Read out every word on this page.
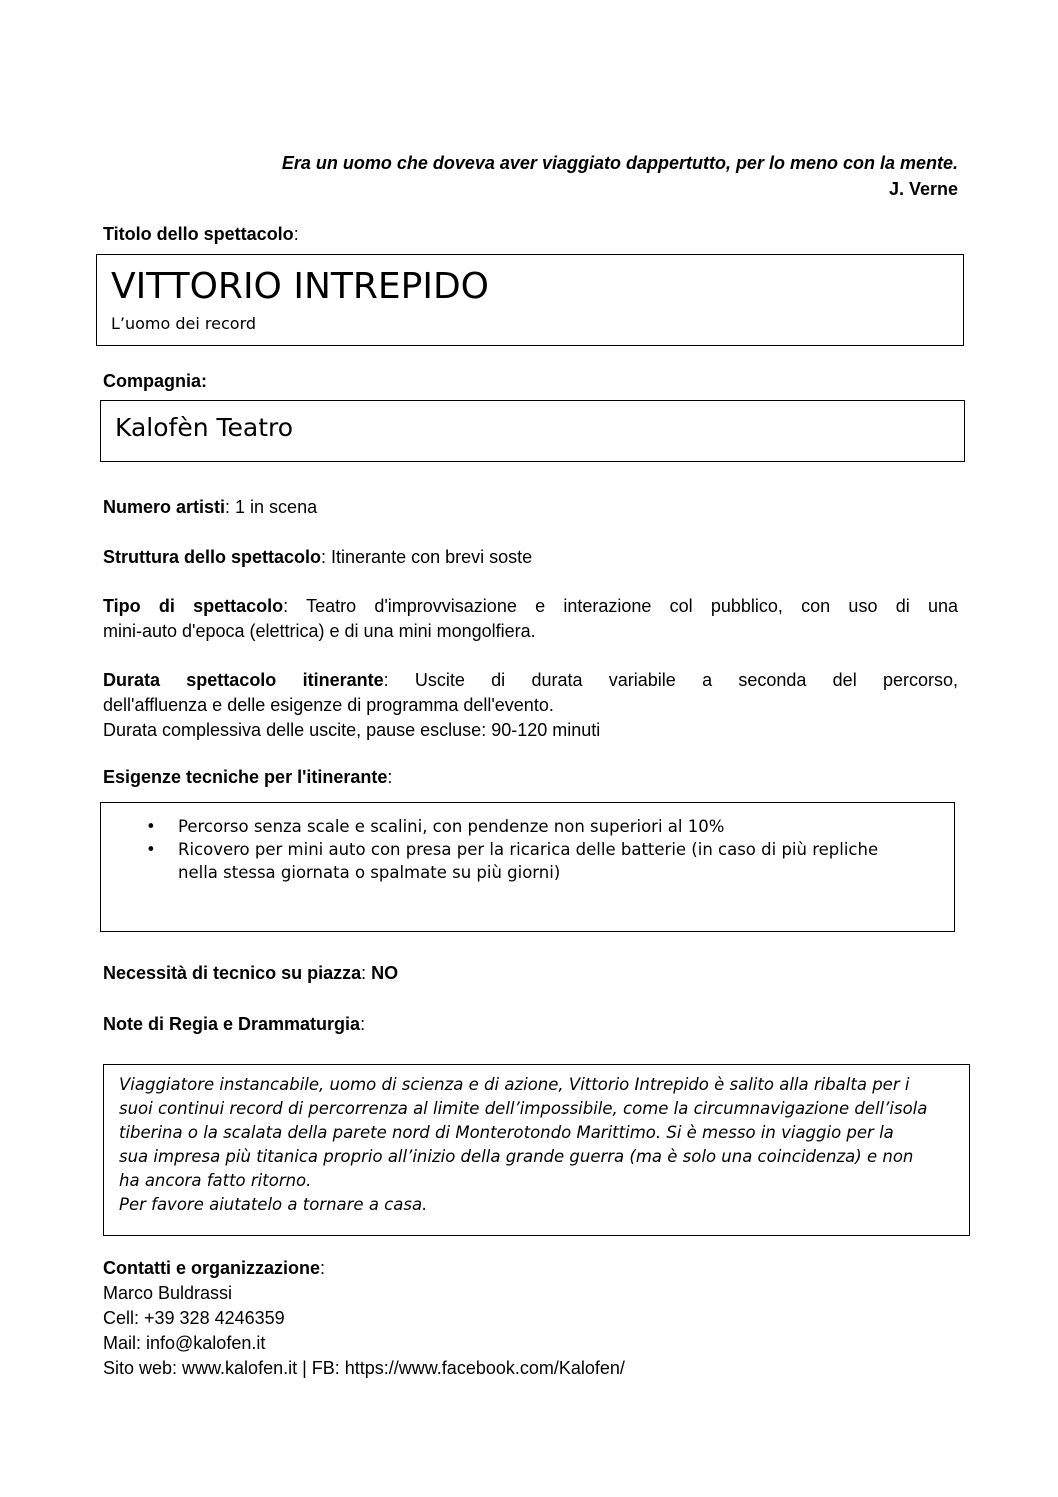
Era un uomo che doveva aver viaggiato dappertutto, per lo meno con la mente.
J. Verne
Titolo dello spettacolo:
VITTORIO INTREPIDO
L’uomo dei record
Compagnia:
Kalofèn Teatro
Numero artisti: 1 in scena
Struttura dello spettacolo: Itinerante con brevi soste
Tipo di spettacolo: Teatro d'improvvisazione e interazione col pubblico, con uso di una
mini-auto d'epoca (elettrica) e di una mini mongolfiera.
Durata spettacolo itinerante: Uscite di durata variabile a seconda del percorso,
dell'affluenza e delle esigenze di programma dell'evento.
Durata complessiva delle uscite, pause escluse: 90-120 minuti
Esigenze tecniche per l'itinerante:
• Percorso senza scale e scalini, con pendenze non superiori al 10%
• Ricovero per mini auto con presa per la ricarica delle batterie (in caso di più repliche
nella stessa giornata o spalmate su più giorni)
Necessità di tecnico su piazza: NO
Note di Regia e Drammaturgia:
Viaggiatore instancabile, uomo di scienza e di azione, Vittorio Intrepido è salito alla ribalta per i
suoi continui record di percorrenza al limite dell’impossibile, come la circumnavigazione dell’isola
tiberina o la scalata della parete nord di Monterotondo Marittimo. Si è messo in viaggio per la
sua impresa più titanica proprio all’inizio della grande guerra (ma è solo una coincidenza) e non
ha ancora fatto ritorno.
Per favore aiutatelo a tornare a casa.
Contatti e organizzazione:
Marco Buldrassi
Cell: +39 328 4246359
Mail: info@kalofen.it
Sito web: www.kalofen.it | FB: https://www.facebook.com/Kalofen/
